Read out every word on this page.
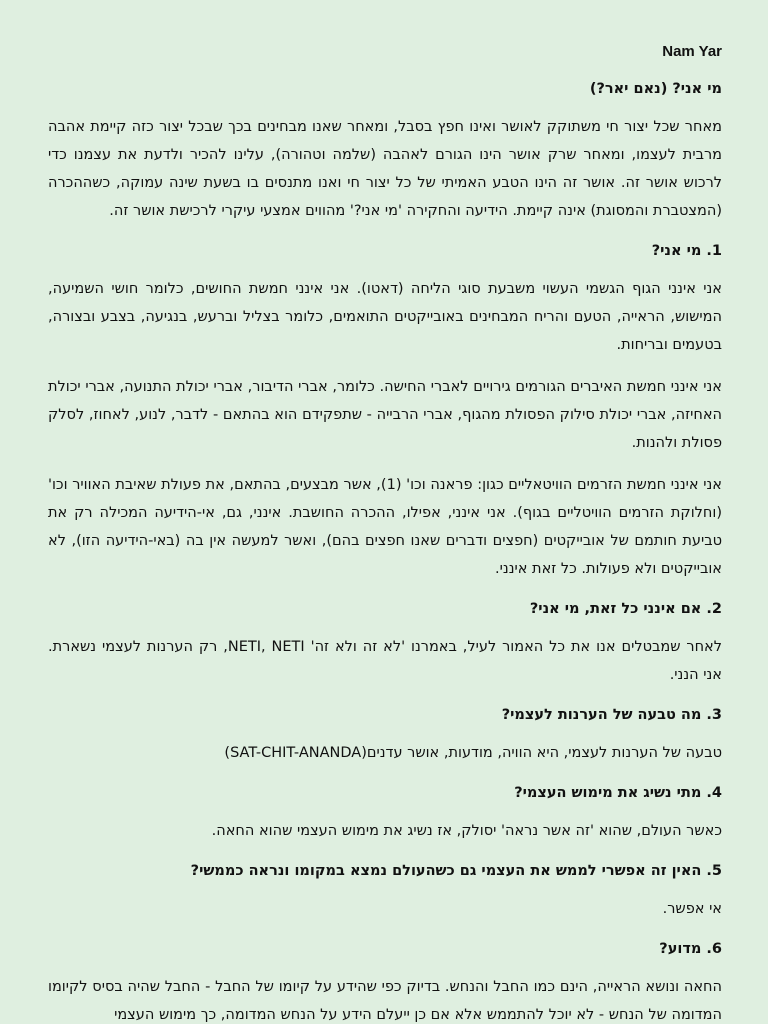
Nam Yar
מי אני? (נאם יאר?)

מאחר שכל יצור חי משתוקק לאושר ואינו חפץ בסבל, ומאחר שאנו מבחינים בכך שבכל יצור כזה קיימת אהבה מרבית לעצמו, ומאחר שרק אושר הינו הגורם לאהבה (שלמה וטהורה), עלינו להכיר ולדעת את עצמנו כדי לרכוש אושר זה. אושר זה הינו הטבע האמיתי של כל יצור חי ואנו מתנסים בו בשעת שינה עמוקה, כשההכרה (המצטברת והמסוגת) אינה קיימת. הידיעה והחקירה 'מי אני?' מהווים אמצעי עיקרי לרכישת אושר זה.

1. מי אני?

אני אינני הגוף הגשמי העשוי משבעת סוגי הליחה (דאטו). אני אינני חמשת החושים, כלומר חושי השמיעה, המישוש, הראייה, הטעם והריח המבחינים באובייקטים התואמים, כלומר בצליל וברעש, בנגיעה, בצבע ובצורה, בטעמים ובריחות.

אני אינני חמשת האיברים הגורמים גירויים לאברי החישה. כלומר, אברי הדיבור, אברי יכולת התנועה, אברי יכולת האחיזה, אברי יכולת סילוק הפסולת מהגוף, אברי הרבייה - שתפקידם הוא בהתאם - לדבר, לנוע, לאחוז, לסלק פסולת ולהנות.

אני אינני חמשת הזרמים הוויטאליים כגון: פראנה וכו' (1), אשר מבצעים, בהתאם, את פעולת שאיבת האוויר וכו' (וחלוקת הזרמים הוויטליים בגוף). אני אינני, אפילו, ההכרה החושבת. אינני, גם, אי-הידיעה המכילה רק את טביעת חותמם של אובייקטים (חפצים ודברים שאנו חפצים בהם), ואשר למעשה אין בה (באי-הידיעה הזו), לא אובייקטים ולא פעולות. כל זאת אינני.

2. אם אינני כל זאת, מי אני?

לאחר שמבטלים אנו את כל האמור לעיל, באמרנו 'לא זה ולא זה' NETI, NETI, רק הערנות לעצמי נשארת. אני הנני.

3. מה טבעה של הערנות לעצמי?

טבעה של הערנות לעצמי, היא הוויה, מודעות, אושר עדנים(SAT-CHIT-ANANDA)

4. מתי נשיג את מימוש העצמי?

כאשר העולם, שהוא 'זה אשר נראה' יסולק, אז נשיג את מימוש העצמי שהוא החאה.

5. האין זה אפשרי לממש את העצמי גם כשהעולם נמצא במקומו ונראה כממשי?

אי אפשר.

6. מדוע?

החאה ונושא הראייה, הינם כמו החבל והנחש. בדיוק כפי שהידע על קיומו של החבל - החבל שהיה בסיס לקיומו המדומה של הנחש - לא יוכל להתממש אלא אם כן ייעלם הידע על הנחש המדומה, כך מימוש העצמי
